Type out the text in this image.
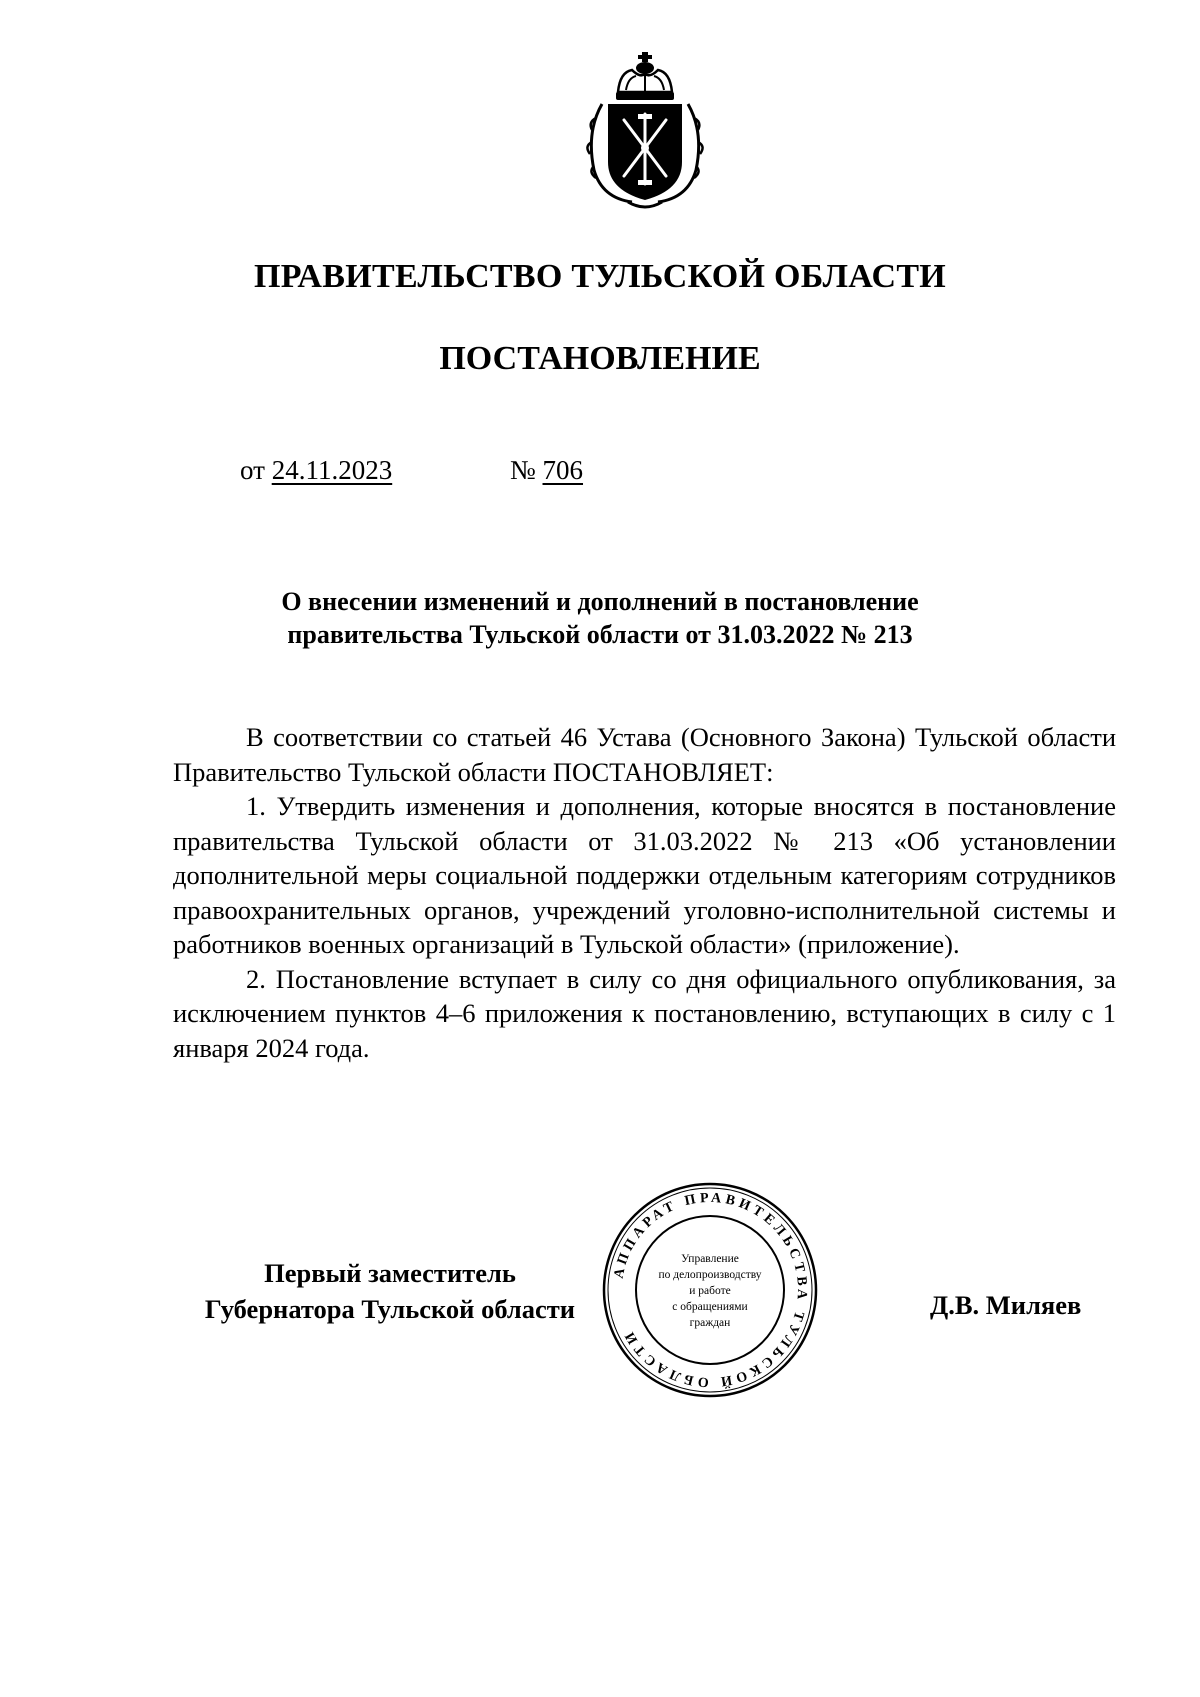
ПРАВИТЕЛЬСТВО ТУЛЬСКОЙ ОБЛАСТИ
ПОСТАНОВЛЕНИЕ
от 24.11.2023	№ 706
О внесении изменений и дополнений в постановление
правительства Тульской области от 31.03.2022 № 213

В соответствии со статьей 46 Устава (Основного Закона) Тульской области Правительство Тульской области ПОСТАНОВЛЯЕТ:

1. Утвердить изменения и дополнения, которые вносятся в постановление правительства Тульской области от 31.03.2022 № 213 «Об установлении дополнительной меры социальной поддержки отдельным категориям сотрудников правоохранительных органов, учреждений уголовно-исполнительной системы и работников военных организаций в Тульской области» (приложение).

2. Постановление вступает в силу со дня официального опубликования, за исключением пунктов 4–6 приложения к постановлению, вступающих в силу с 1 января 2024 года.

Первый заместитель
Губернатора Тульской области
АППАРАТ ПРАВИТЕЛЬСТВА ТУЛЬСКОЙ ОБЛАСТИ
Управление
по делопроизводству
и работе
с обращениями
граждан
Д.В. Миляев
